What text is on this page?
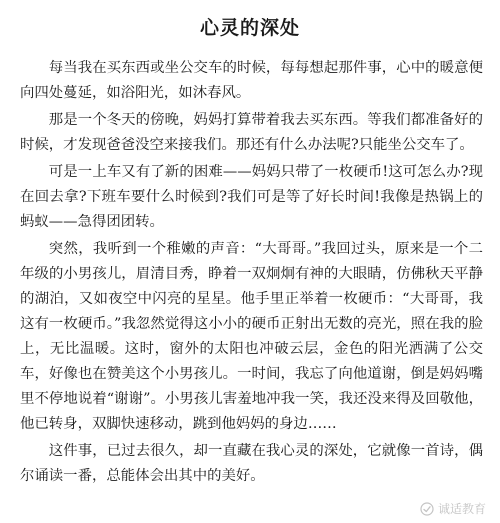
心灵的深处

每当我在买东西或坐公交车的时候，每每想起那件事，心中的暖意便向四处蔓延，如浴阳光，如沐春风。

那是一个冬天的傍晚，妈妈打算带着我去买东西。等我们都准备好的时候，才发现爸爸没空来接我们。那还有什么办法呢?只能坐公交车了。

可是一上车又有了新的困难——妈妈只带了一枚硬币!这可怎么办?现在回去拿?下班车要什么时候到?我们可是等了好长时间!我像是热锅上的蚂蚁——急得团团转。

突然，我听到一个稚嫩的声音：“大哥哥。”我回过头，原来是一个二年级的小男孩儿，眉清目秀，睁着一双炯炯有神的大眼睛，仿佛秋天平静的湖泊，又如夜空中闪亮的星星。他手里正举着一枚硬币：“大哥哥，我这有一枚硬币。”我忽然觉得这小小的硬币正射出无数的亮光，照在我的脸上，无比温暖。这时，窗外的太阳也冲破云层，金色的阳光洒满了公交车，好像也在赞美这个小男孩儿。一时间，我忘了向他道谢，倒是妈妈嘴里不停地说着“谢谢”。小男孩儿害羞地冲我一笑，我还没来得及回敬他，他已转身，双脚快速移动，跳到他妈妈的身边……

这件事，已过去很久，却一直藏在我心灵的深处，它就像一首诗，偶尔诵读一番，总能体会出其中的美好。

诚适教育
